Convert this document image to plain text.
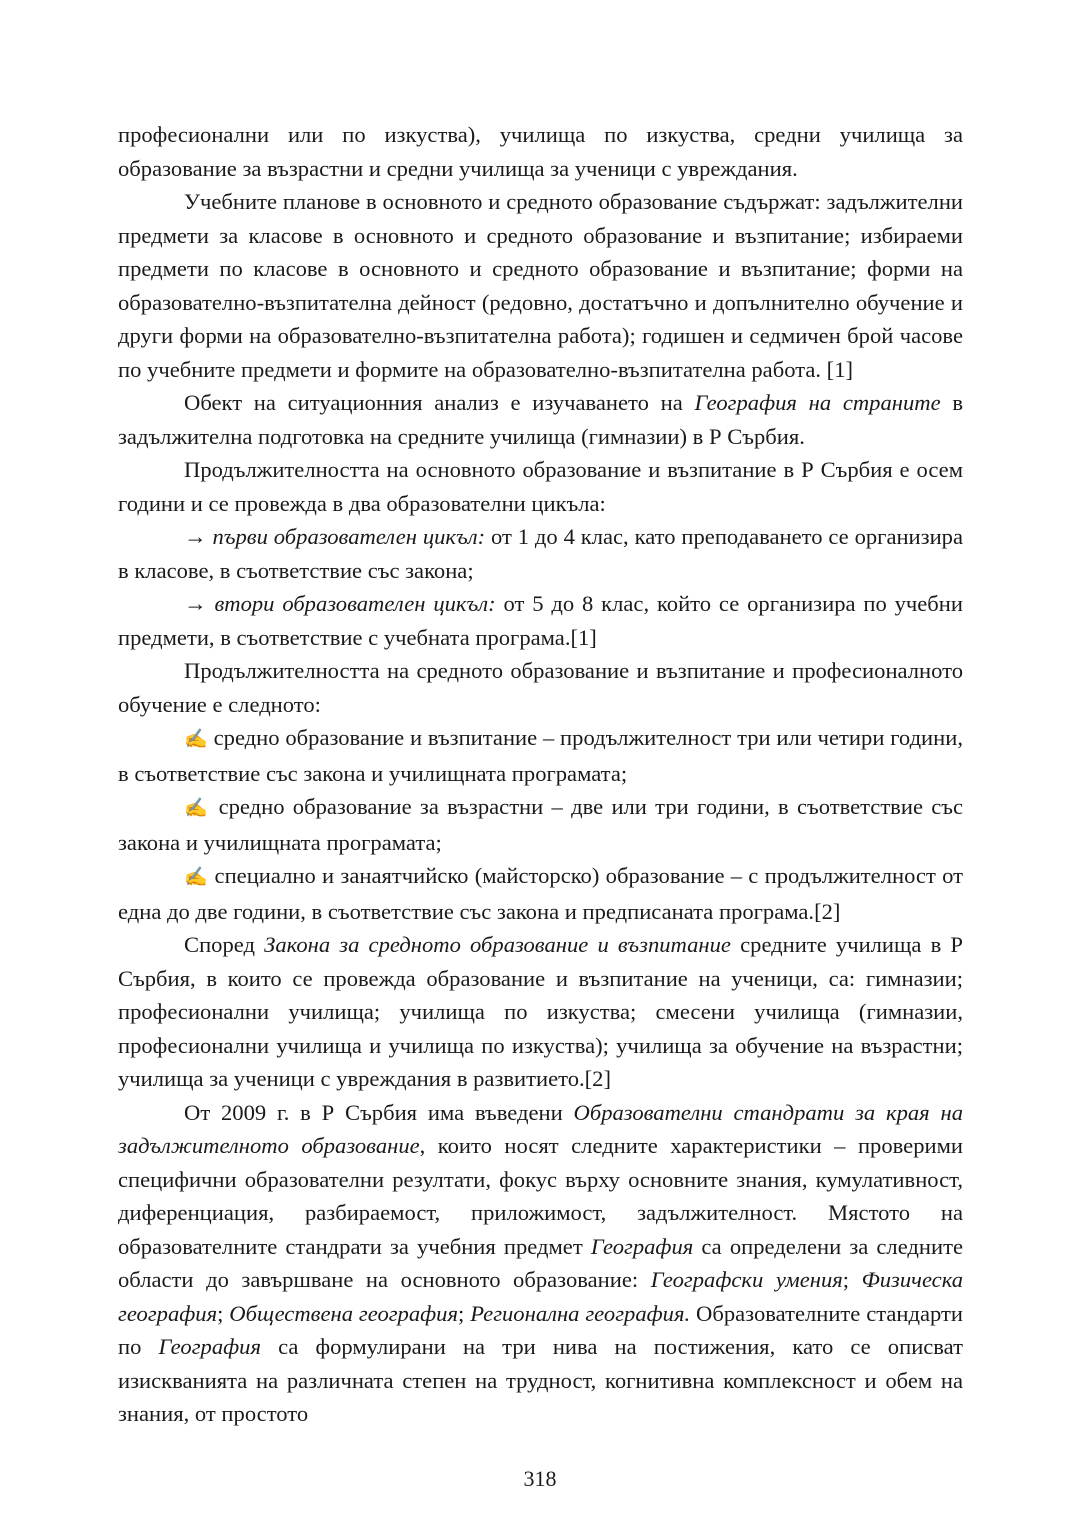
професионални или по изкуства), училища по изкуства, средни училища за образование за възрастни и средни училища за ученици с увреждания.

Учебните планове в основното и средното образование съдържат: задължителни предмети за класове в основното и средното образование и възпитание; избираеми предмети по класове в основното и средното образование и възпитание; форми на образователно-възпитателна дейност (редовно, достатъчно и допълнително обучение и други форми на образователно-възпитателна работа); годишен и седмичен брой часове по учебните предмети и формите на образователно-възпитателна работа. [1]

Обект на ситуационния анализ е изучаването на География на страните в задължителна подготовка на средните училища (гимназии) в Р Сърбия.

Продължителността на основното образование и възпитание в Р Сърбия е осем години и се провежда в два образователни цикъла:

→ първи образователен цикъл: от 1 до 4 клас, като преподаването се организира в класове, в съответствие със закона;

→ втори образователен цикъл: от 5 до 8 клас, който се организира по учебни предмети, в съответствие с учебната програма.[1]

Продължителността на средното образование и възпитание и професионалното обучение е следното:

✍ средно образование и възпитание – продължителност три или четири години, в съответствие със закона и училищната програмата;

✍ средно образование за възрастни – две или три години, в съответствие със закона и училищната програмата;

✍ специално и занаятчийско (майсторско) образование – с продължителност от една до две години, в съответствие със закона и предписаната програма.[2]

Според Закона за средното образование и възпитание средните училища в Р Сърбия, в които се провежда образование и възпитание на ученици, са: гимназии; професионални училища; училища по изкуства; смесени училища (гимназии, професионални училища и училища по изкуства); училища за обучение на възрастни; училища за ученици с увреждания в развитието.[2]

От 2009 г. в Р Сърбия има въведени Образователни стандрати за края на задължителното образование, които носят следните характеристики – проверими специфични образователни резултати, фокус върху основните знания, кумулативност, диференциация, разбираемост, приложимост, задължителност. Мястото на образователните стандрати за учебния предмет География са определени за следните области до завършване на основното образование: Географски умения; Физическа география; Обществена география; Регионална география. Образователните стандарти по География са формулирани на три нива на постижения, като се описват изискванията на различната степен на трудност, когнитивна комплексност и обем на знания, от простото

318
